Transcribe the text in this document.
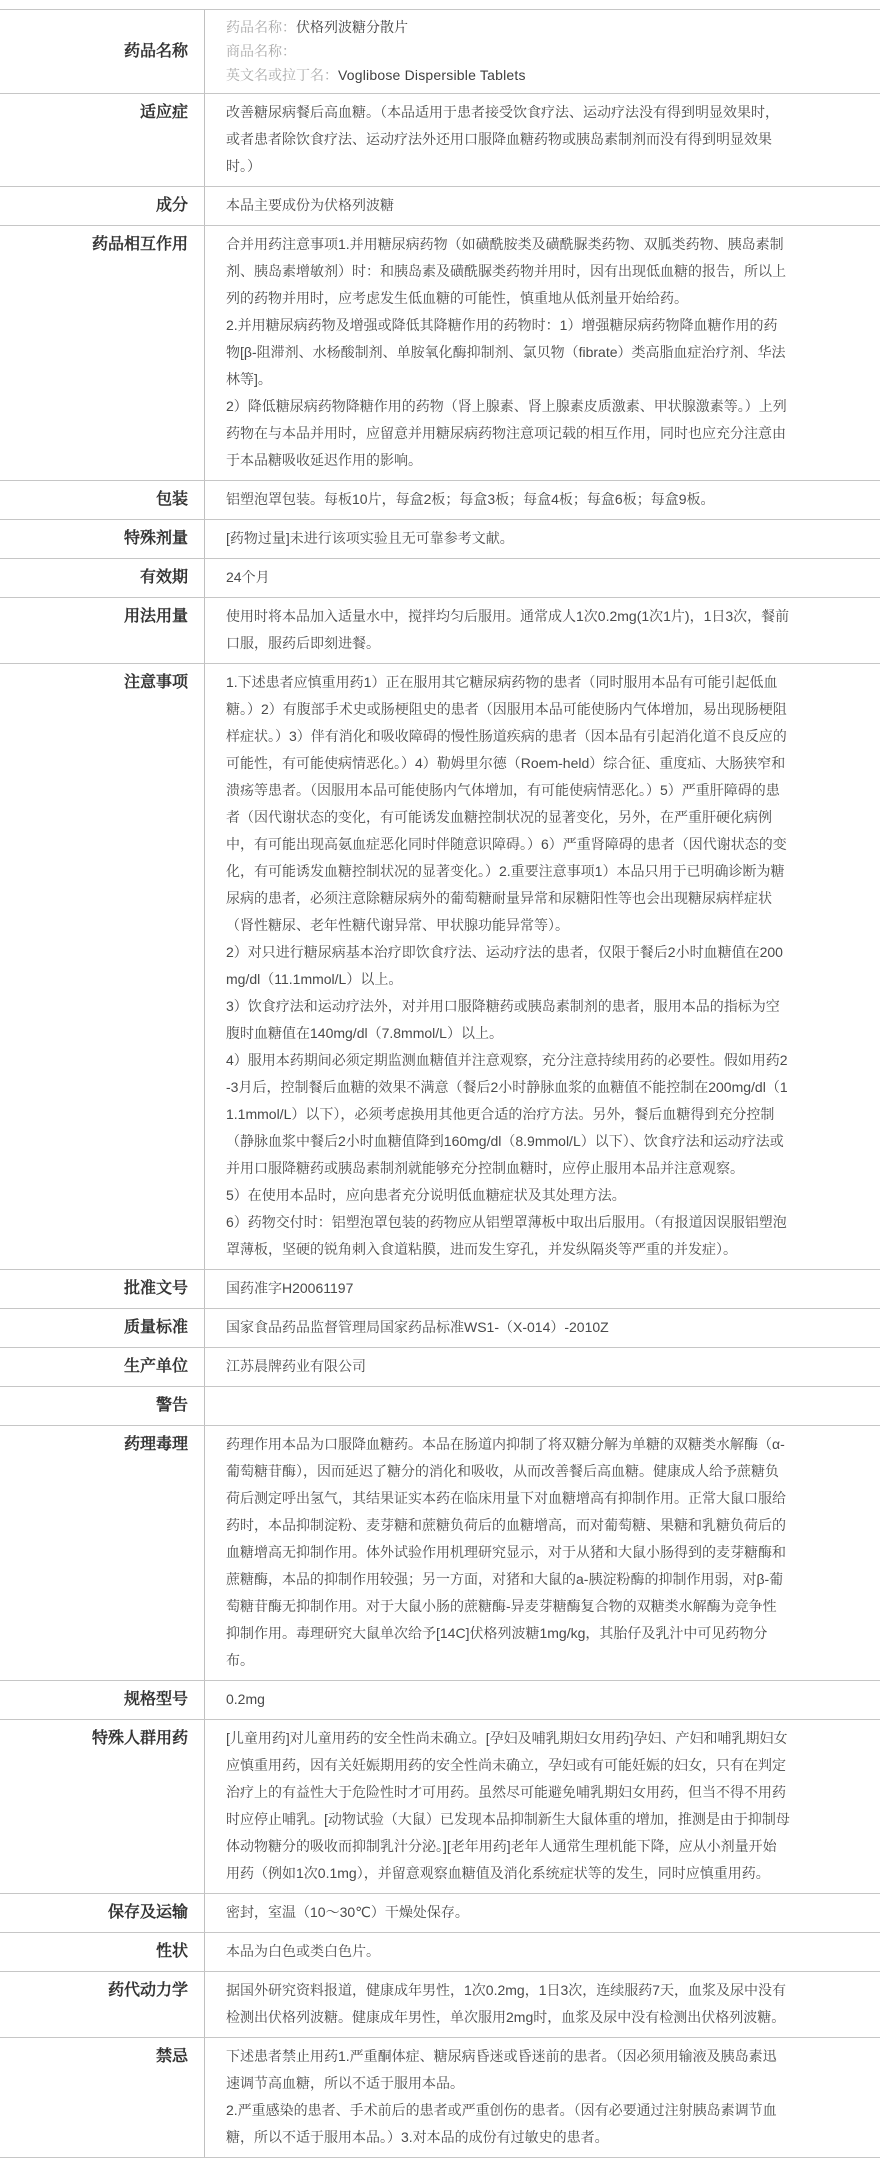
药品名称
药品名称：伏格列波糖分散片
商品名称：
英文名或拉丁名：Voglibose Dispersible Tablets
适应症	改善糖尿病餐后高血糖。（本品适用于患者接受饮食疗法、运动疗法没有得到明显效果时，或者患者除饮食疗法、运动疗法外还用口服降血糖药物或胰岛素制剂而没有得到明显效果时。）

成分	本品主要成份为伏格列波糖

药品相互作用	合并用药注意事项1.并用糖尿病药物（如磺酰胺类及磺酰脲类药物、双胍类药物、胰岛素制剂、胰岛素增敏剂）时：和胰岛素及磺酰脲类药物并用时，因有出现低血糖的报告，所以上列的药物并用时，应考虑发生低血糖的可能性，慎重地从低剂量开始给药。

2.并用糖尿病药物及增强或降低其降糖作用的药物时：1）增强糖尿病药物降血糖作用的药物[β-阻滞剂、水杨酸制剂、单胺氧化酶抑制剂、氯贝物（fibrate）类高脂血症治疗剂、华法林等]。

2）降低糖尿病药物降糖作用的药物（肾上腺素、肾上腺素皮质激素、甲状腺激素等。）上列药物在与本品并用时，应留意并用糖尿病药物注意项记载的相互作用，同时也应充分注意由于本品糖吸收延迟作用的影响。

包装	铝塑泡罩包装。每板10片，每盒2板；每盒3板；每盒4板；每盒6板；每盒9板。

特殊剂量	[药物过量]未进行该项实验且无可靠参考文献。

有效期	24个月

用法用量	使用时将本品加入适量水中，搅拌均匀后服用。通常成人1次0.2mg(1次1片)，1日3次，餐前口服，服药后即刻进餐。

注意事项	1.下述患者应慎重用药1）正在服用其它糖尿病药物的患者（同时服用本品有可能引起低血糖。）2）有腹部手术史或肠梗阻史的患者（因服用本品可能使肠内气体增加，易出现肠梗阻样症状。）3）伴有消化和吸收障碍的慢性肠道疾病的患者（因本品有引起消化道不良反应的可能性，有可能使病情恶化。）4）勒姆里尔德（Roem-held）综合征、重度疝、大肠狭窄和溃疡等患者。（因服用本品可能使肠内气体增加，有可能使病情恶化。）5）严重肝障碍的患者（因代谢状态的变化，有可能诱发血糖控制状况的显著变化，另外，在严重肝硬化病例中，有可能出现高氨血症恶化同时伴随意识障碍。）6）严重肾障碍的患者（因代谢状态的变化，有可能诱发血糖控制状况的显著变化。）2.重要注意事项1）本品只用于已明确诊断为糖尿病的患者，必须注意除糖尿病外的葡萄糖耐量异常和尿糖阳性等也会出现糖尿病样症状（肾性糖尿、老年性糖代谢异常、甲状腺功能异常等）。

2）对只进行糖尿病基本治疗即饮食疗法、运动疗法的患者，仅限于餐后2小时血糖值在200mg/dl（11.1mmol/L）以上。

3）饮食疗法和运动疗法外，对并用口服降糖药或胰岛素制剂的患者，服用本品的指标为空腹时血糖值在140mg/dl（7.8mmol/L）以上。

4）服用本药期间必须定期监测血糖值并注意观察，充分注意持续用药的必要性。假如用药2-3月后，控制餐后血糖的效果不满意（餐后2小时静脉血浆的血糖值不能控制在200mg/dl（11.1mmol/L）以下），必须考虑换用其他更合适的治疗方法。另外，餐后血糖得到充分控制（静脉血浆中餐后2小时血糖值降到160mg/dl（8.9mmol/L）以下）、饮食疗法和运动疗法或并用口服降糖药或胰岛素制剂就能够充分控制血糖时，应停止服用本品并注意观察。

5）在使用本品时，应向患者充分说明低血糖症状及其处理方法。

6）药物交付时：铝塑泡罩包装的药物应从铝塑罩薄板中取出后服用。（有报道因误服铝塑泡罩薄板，坚硬的锐角刺入食道粘膜，进而发生穿孔，并发纵隔炎等严重的并发症）。

批准文号	国药准字H20061197

质量标准	国家食品药品监督管理局国家药品标准WS1-（X-014）-2010Z

生产单位	江苏晨牌药业有限公司

警告
药理毒理	药理作用本品为口服降血糖药。本品在肠道内抑制了将双糖分解为单糖的双糖类水解酶（α-葡萄糖苷酶），因而延迟了糖分的消化和吸收，从而改善餐后高血糖。健康成人给予蔗糖负荷后测定呼出氢气，其结果证实本药在临床用量下对血糖增高有抑制作用。正常大鼠口服给药时，本品抑制淀粉、麦芽糖和蔗糖负荷后的血糖增高，而对葡萄糖、果糖和乳糖负荷后的血糖增高无抑制作用。体外试验作用机理研究显示，对于从猪和大鼠小肠得到的麦芽糖酶和蔗糖酶，本品的抑制作用较强；另一方面，对猪和大鼠的a-胰淀粉酶的抑制作用弱，对β-葡萄糖苷酶无抑制作用。对于大鼠小肠的蔗糖酶-异麦芽糖酶复合物的双糖类水解酶为竞争性抑制作用。毒理研究大鼠单次给予[14C]伏格列波糖1mg/kg，其胎仔及乳汁中可见药物分布。

规格型号	0.2mg

特殊人群用药	[儿童用药]对儿童用药的安全性尚未确立。[孕妇及哺乳期妇女用药]孕妇、产妇和哺乳期妇女应慎重用药，因有关妊娠期用药的安全性尚未确立，孕妇或有可能妊娠的妇女，只有在判定治疗上的有益性大于危险性时才可用药。虽然尽可能避免哺乳期妇女用药，但当不得不用药时应停止哺乳。[动物试验（大鼠）已发现本品抑制新生大鼠体重的增加，推测是由于抑制母体动物糖分的吸收而抑制乳汁分泌。][老年用药]老年人通常生理机能下降，应从小剂量开始用药（例如1次0.1mg），并留意观察血糖值及消化系统症状等的发生，同时应慎重用药。

保存及运输	密封，室温（10～30℃）干燥处保存。

性状	本品为白色或类白色片。

药代动力学	据国外研究资料报道，健康成年男性，1次0.2mg，1日3次，连续服药7天，血浆及尿中没有检测出伏格列波糖。健康成年男性，单次服用2mg时，血浆及尿中没有检测出伏格列波糖。

禁忌	下述患者禁止用药1.严重酮体症、糖尿病昏迷或昏迷前的患者。（因必须用输液及胰岛素迅速调节高血糖，所以不适于服用本品。

2.严重感染的患者、手术前后的患者或严重创伤的患者。（因有必要通过注射胰岛素调节血糖，所以不适于服用本品。）3.对本品的成份有过敏史的患者。
